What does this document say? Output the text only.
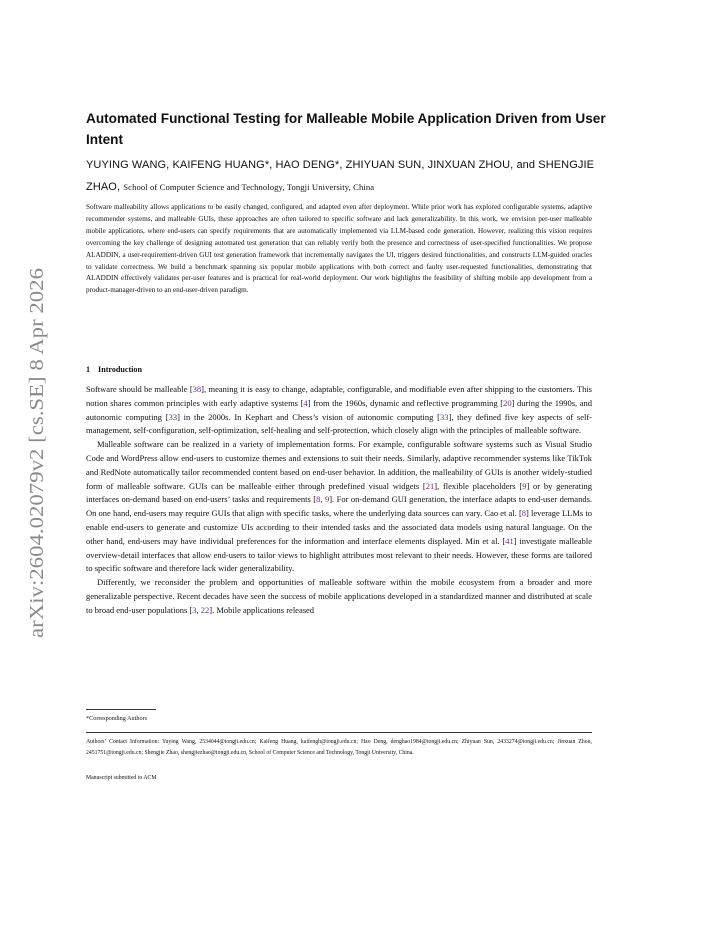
arXiv:2604.02079v2 [cs.SE] 8 Apr 2026
Automated Functional Testing for Malleable Mobile Application Driven from User Intent
YUYING WANG, KAIFENG HUANG*, HAO DENG*, ZHIYUAN SUN, JINXUAN ZHOU, and SHENGJIE ZHAO, School of Computer Science and Technology, Tongji University, China

Software malleability allows applications to be easily changed, configured, and adapted even after deployment. While prior work has explored configurable systems, adaptive recommender systems, and malleable GUIs, these approaches are often tailored to specific software and lack generalizability. In this work, we envision per-user malleable mobile applications, where end-users can specify requirements that are automatically implemented via LLM-based code generation. However, realizing this vision requires overcoming the key challenge of designing automated test generation that can reliably verify both the presence and correctness of user-specified functionalities. We propose ALADDIN, a user-requirement-driven GUI test generation framework that incrementally navigates the UI, triggers desired functionalities, and constructs LLM-guided oracles to validate correctness. We build a benchmark spanning six popular mobile applications with both correct and faulty user-requested functionalities, demonstrating that ALADDIN effectively validates per-user features and is practical for real-world deployment. Our work highlights the feasibility of shifting mobile app development from a product-manager-driven to an end-user-driven paradigm.

1 Introduction

Software should be malleable [38], meaning it is easy to change, adaptable, configurable, and modifiable even after shipping to the customers. This notion shares common principles with early adaptive systems [4] from the 1960s, dynamic and reflective programming [20] during the 1990s, and autonomic computing [33] in the 2000s. In Kephart and Chess’s vision of autonomic computing [33], they defined five key aspects of self-management, self-configuration, self-optimization, self-healing and self-protection, which closely align with the principles of malleable software.

Malleable software can be realized in a variety of implementation forms. For example, configurable software systems such as Visual Studio Code and WordPress allow end-users to customize themes and extensions to suit their needs. Similarly, adaptive recommender systems like TikTok and RedNote automatically tailor recommended content based on end-user behavior. In addition, the malleability of GUIs is another widely-studied form of malleable software. GUIs can be malleable either through predefined visual widgets [21], flexible placeholders [9] or by generating interfaces on-demand based on end-users’ tasks and requirements [8, 9]. For on-demand GUI generation, the interface adapts to end-user demands. On one hand, end-users may require GUIs that align with specific tasks, where the underlying data sources can vary. Cao et al. [8] leverage LLMs to enable end-users to generate and customize UIs according to their intended tasks and the associated data models using natural language. On the other hand, end-users may have individual preferences for the information and interface elements displayed. Min et al. [41] investigate malleable overview-detail interfaces that allow end-users to tailor views to highlight attributes most relevant to their needs. However, these forms are tailored to specific software and therefore lack wider generalizability.

Differently, we reconsider the problem and opportunities of malleable software within the mobile ecosystem from a broader and more generalizable perspective. Recent decades have seen the success of mobile applications developed in a standardized manner and distributed at scale to broad end-user populations [3, 22]. Mobile applications released

*Corresponding Authors
Authors’ Contact Information: Yuying Wang, 2534044@tongji.edu.cn; Kaifeng Huang, kaifengh@tongji.edu.cn; Hao Deng, denghao1984@tongji.edu.cn; Zhiyuan Sun, 2433274@tongji.edu.cn; Jinxuan Zhou, 2451751@tongji.edu.cn; Shengjie Zhao, shengjiezhao@tongji.edu.cn, School of Computer Science and Technology, Tongji University, China.
Manuscript submitted to ACM
